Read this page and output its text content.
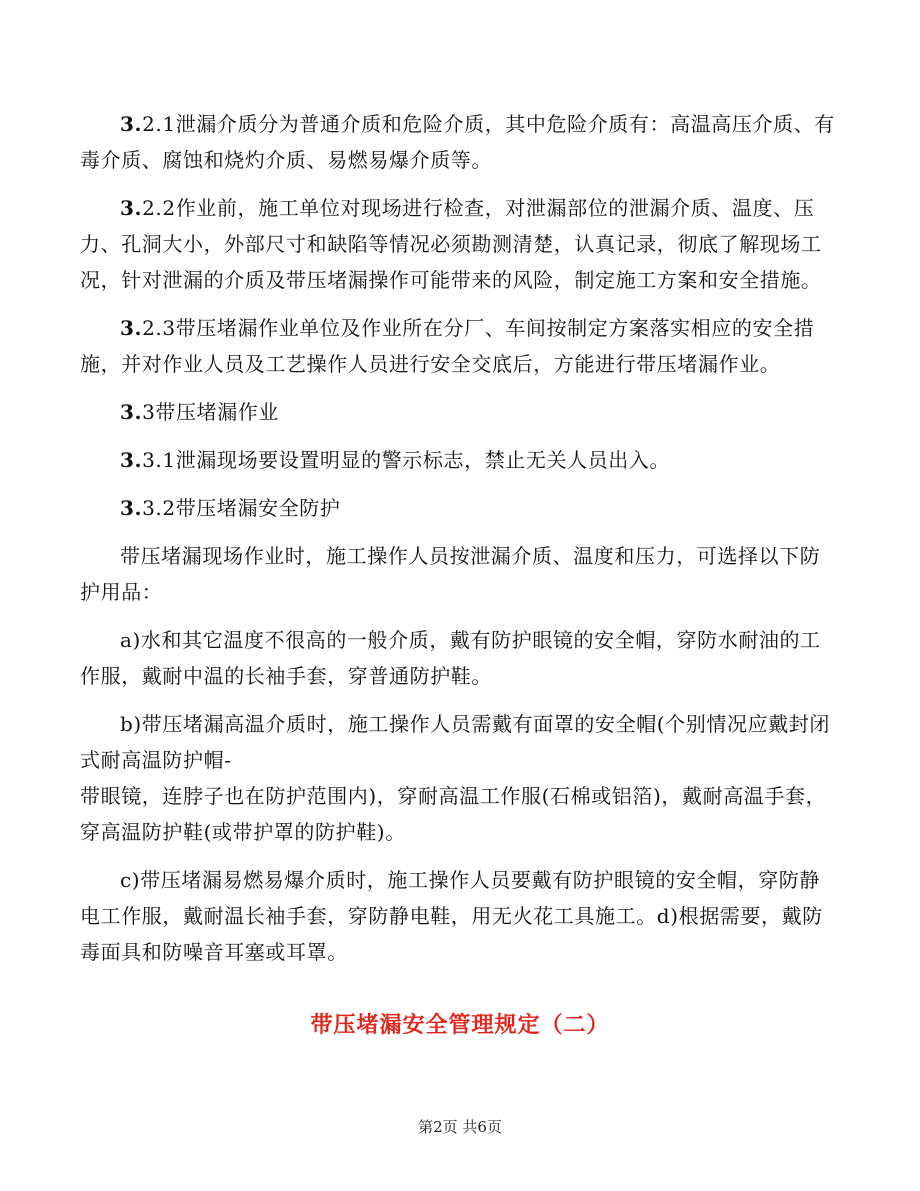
3.2.1泄漏介质分为普通介质和危险介质，其中危险介质有：高温高压介质、有毒介质、腐蚀和烧灼介质、易燃易爆介质等。

3.2.2作业前，施工单位对现场进行检查，对泄漏部位的泄漏介质、温度、压力、孔洞大小，外部尺寸和缺陷等情况必须勘测清楚，认真记录，彻底了解现场工况，针对泄漏的介质及带压堵漏操作可能带来的风险，制定施工方案和安全措施。

3.2.3带压堵漏作业单位及作业所在分厂、车间按制定方案落实相应的安全措施，并对作业人员及工艺操作人员进行安全交底后，方能进行带压堵漏作业。

3.3带压堵漏作业

3.3.1泄漏现场要设置明显的警示标志，禁止无关人员出入。

3.3.2带压堵漏安全防护

带压堵漏现场作业时，施工操作人员按泄漏介质、温度和压力，可选择以下防护用品：

a)水和其它温度不很高的一般介质，戴有防护眼镜的安全帽，穿防水耐油的工作服，戴耐中温的长袖手套，穿普通防护鞋。

b)带压堵漏高温介质时，施工操作人员需戴有面罩的安全帽(个别情况应戴封闭式耐高温防护帽-

带眼镜，连脖子也在防护范围内)，穿耐高温工作服(石棉或铝箔)，戴耐高温手套，穿高温防护鞋(或带护罩的防护鞋)。

c)带压堵漏易燃易爆介质时，施工操作人员要戴有防护眼镜的安全帽，穿防静电工作服，戴耐温长袖手套，穿防静电鞋，用无火花工具施工。d)根据需要，戴防毒面具和防噪音耳塞或耳罩。

带压堵漏安全管理规定（二）
第2页 共6页
